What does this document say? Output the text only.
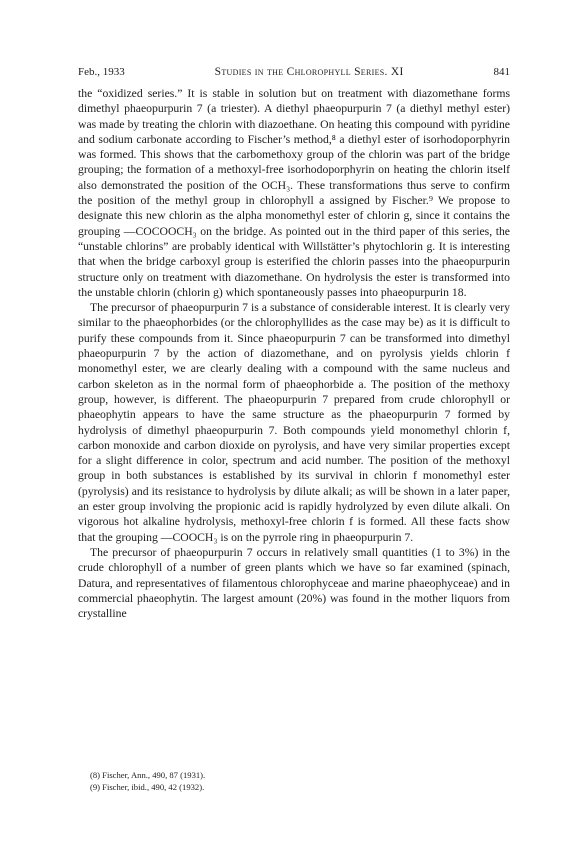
Feb., 1933	Studies in the Chlorophyll Series. XI	841

the “oxidized series.” It is stable in solution but on treatment with diazomethane forms dimethyl phaeopurpurin 7 (a triester). A diethyl phaeopurpurin 7 (a diethyl methyl ester) was made by treating the chlorin with diazoethane. On heating this compound with pyridine and sodium carbonate according to Fischer’s method,⁸ a diethyl ester of isorhodoporphyrin was formed. This shows that the carbomethoxy group of the chlorin was part of the bridge grouping; the formation of a methoxyl-free isorhodoporphyrin on heating the chlorin itself also demonstrated the position of the OCH₃. These transformations thus serve to confirm the position of the methyl group in chlorophyll a assigned by Fischer.⁹ We propose to designate this new chlorin as the alpha monomethyl ester of chlorin g, since it contains the grouping —COCOOCH₃ on the bridge. As pointed out in the third paper of this series, the “unstable chlorins” are probably identical with Willstätter’s phytochlorin g. It is interesting that when the bridge carboxyl group is esterified the chlorin passes into the phaeopurpurin structure only on treatment with diazomethane. On hydrolysis the ester is transformed into the unstable chlorin (chlorin g) which spontaneously passes into phaeopurpurin 18.

The precursor of phaeopurpurin 7 is a substance of considerable interest. It is clearly very similar to the phaeophorbides (or the chlorophyllides as the case may be) as it is difficult to purify these compounds from it. Since phaeopurpurin 7 can be transformed into dimethyl phaeopurpurin 7 by the action of diazomethane, and on pyrolysis yields chlorin f monomethyl ester, we are clearly dealing with a compound with the same nucleus and carbon skeleton as in the normal form of phaeophorbide a. The position of the methoxy group, however, is different. The phaeopurpurin 7 prepared from crude chlorophyll or phaeophytin appears to have the same structure as the phaeopurpurin 7 formed by hydrolysis of dimethyl phaeopurpurin 7. Both compounds yield monomethyl chlorin f, carbon monoxide and carbon dioxide on pyrolysis, and have very similar properties except for a slight difference in color, spectrum and acid number. The position of the methoxyl group in both substances is established by its survival in chlorin f monomethyl ester (pyrolysis) and its resistance to hydrolysis by dilute alkali; as will be shown in a later paper, an ester group involving the propionic acid is rapidly hydrolyzed by even dilute alkali. On vigorous hot alkaline hydrolysis, methoxyl-free chlorin f is formed. All these facts show that the grouping —COOCH₃ is on the pyrrole ring in phaeopurpurin 7.

The precursor of phaeopurpurin 7 occurs in relatively small quantities (1 to 3%) in the crude chlorophyll of a number of green plants which we have so far examined (spinach, Datura, and representatives of filamentous chlorophyceae and marine phaeophyceae) and in commercial phaeophytin. The largest amount (20%) was found in the mother liquors from crystalline

(8) Fischer, Ann., 490, 87 (1931).
(9) Fischer, ibid., 490, 42 (1932).
